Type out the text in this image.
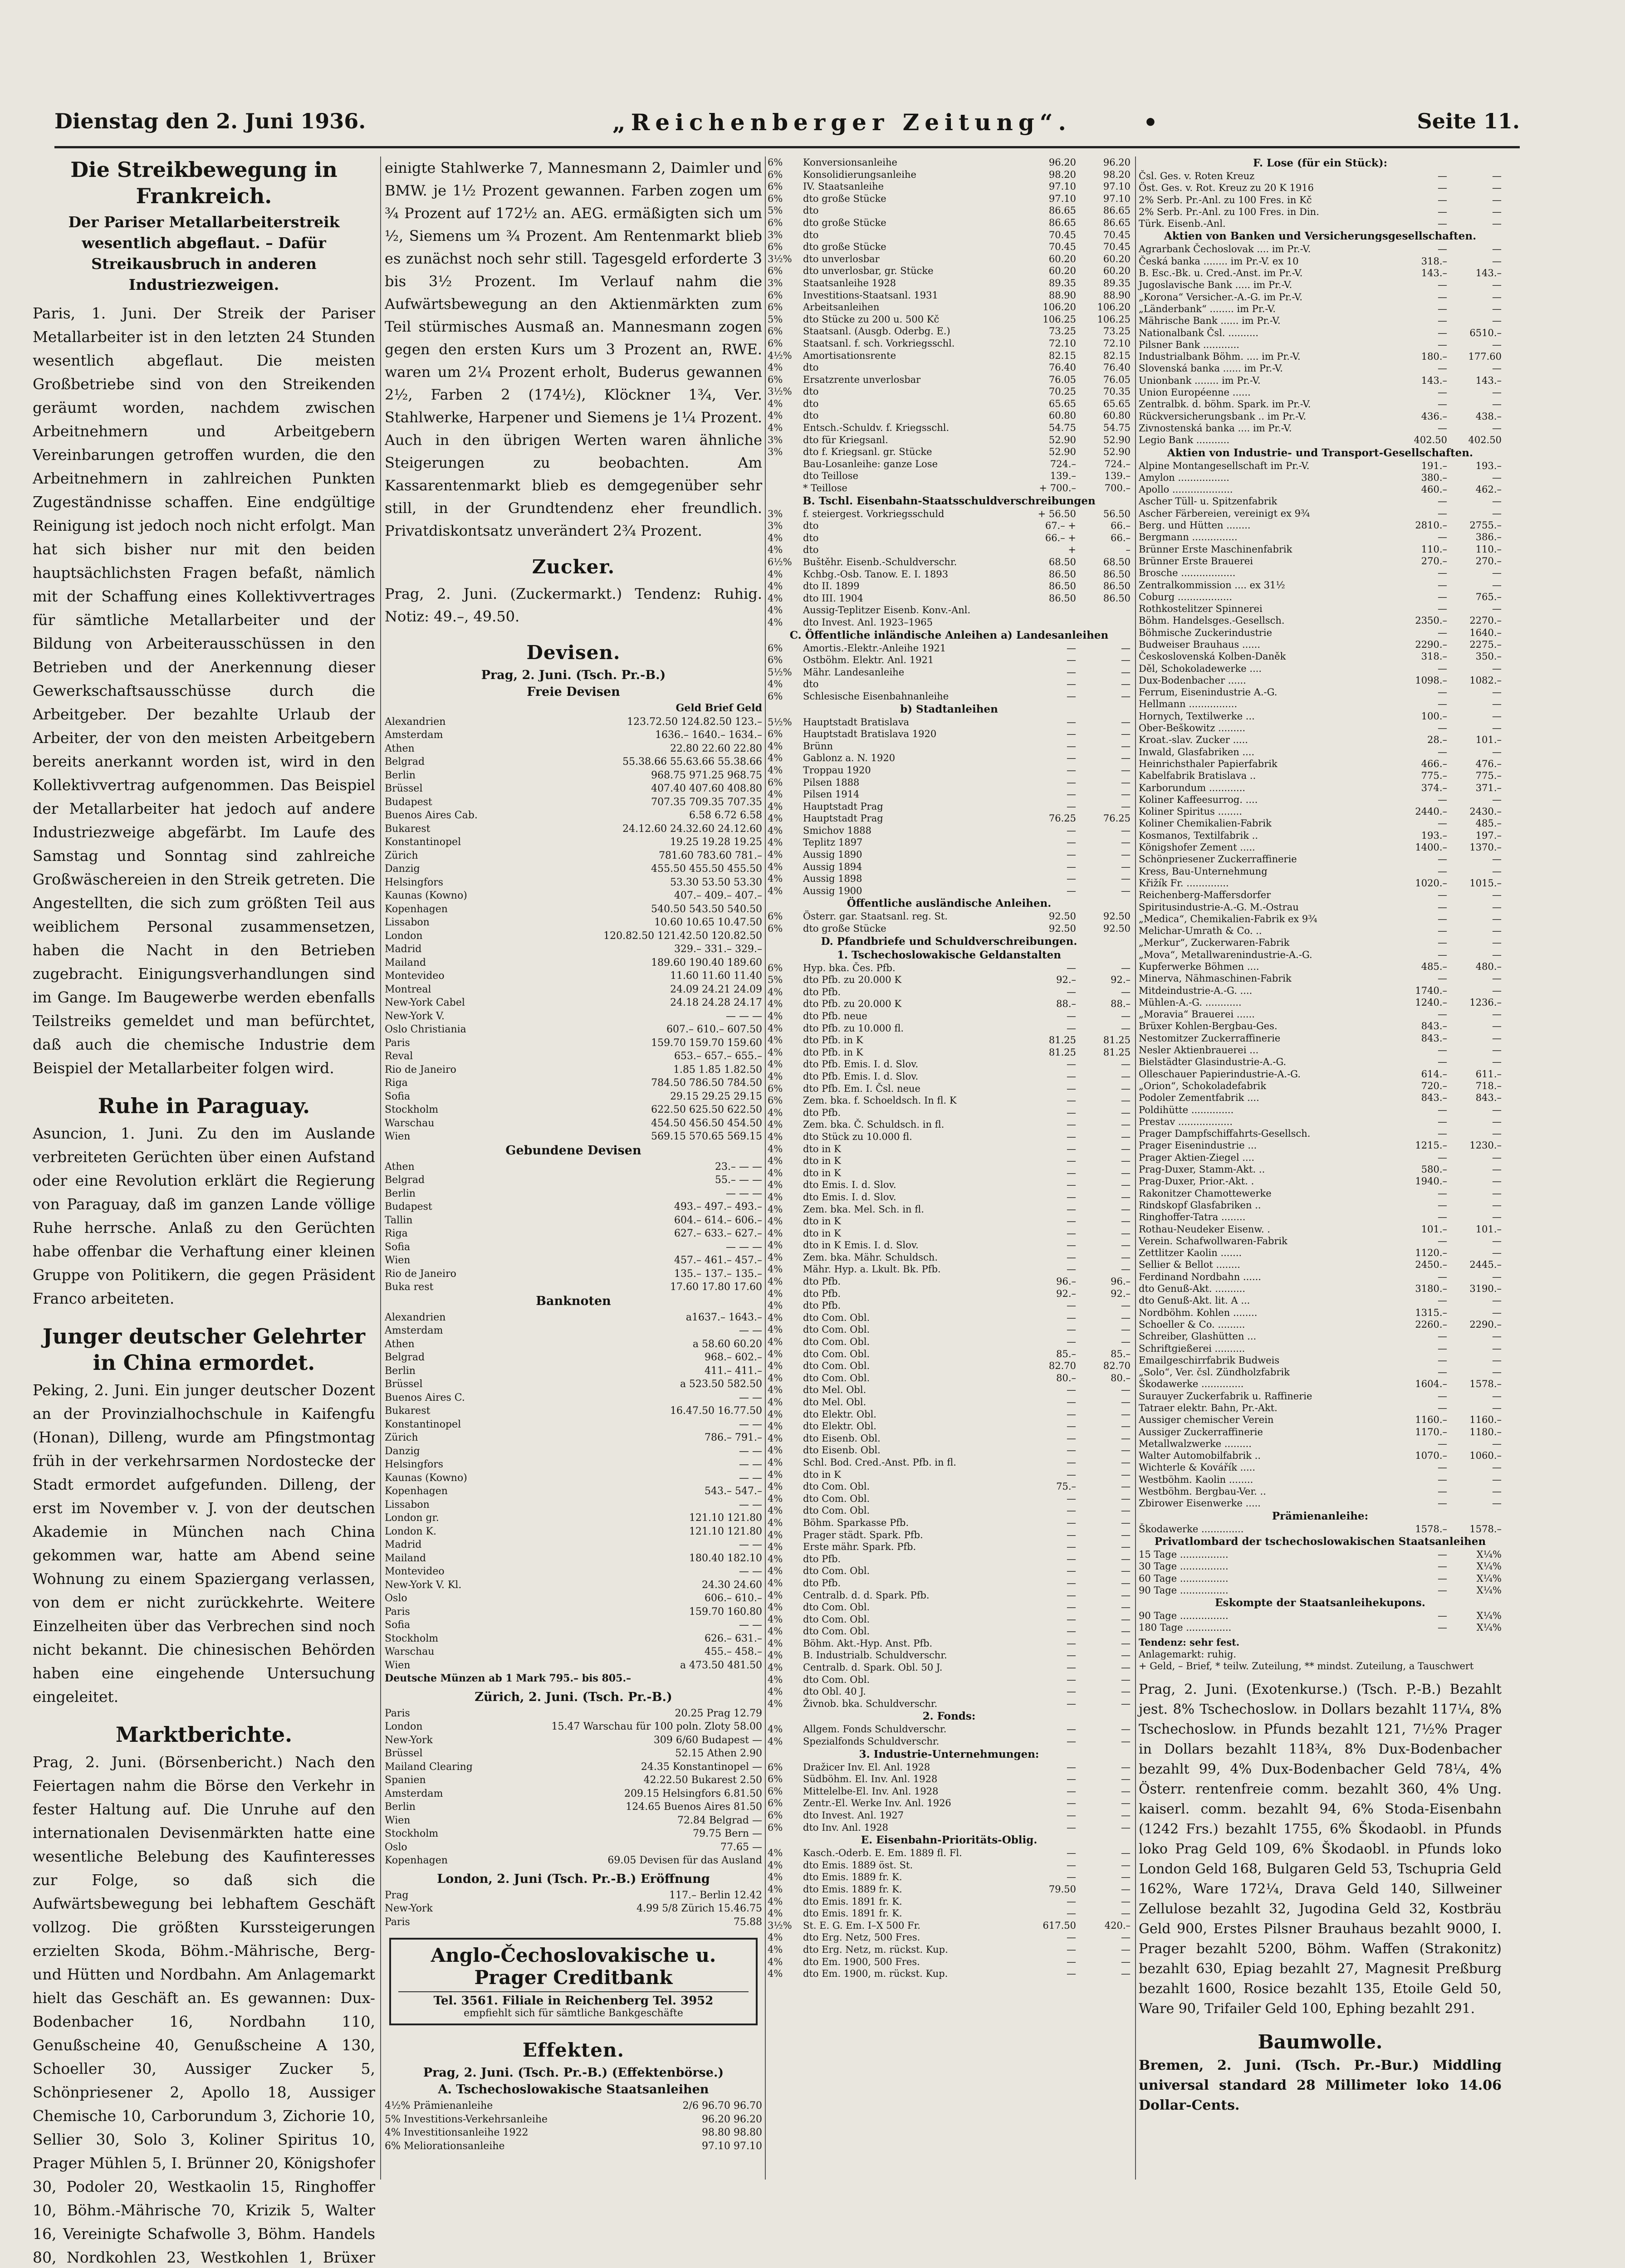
Dienstag den 2. Juni 1936.	„Reichenberger Zeitung“.	•	Seite 11.
Die Streikbewegung in Frankreich.
Der Pariser Metallarbeiterstreik wesentlich abgeflaut. – Dafür Streikausbruch in anderen Industriezweigen.

Paris, 1. Juni. Der Streik der Pariser Metallarbeiter ist in den letzten 24 Stunden wesentlich abgeflaut. Die meisten Großbetriebe sind von den Streikenden geräumt worden, nachdem zwischen Arbeitnehmern und Arbeitgebern Vereinbarungen getroffen wurden, die den Arbeitnehmern in zahlreichen Punkten Zugeständnisse schaffen. Eine endgültige Reinigung ist jedoch noch nicht erfolgt. Man hat sich bisher nur mit den beiden hauptsächlichsten Fragen befaßt, nämlich mit der Schaffung eines Kollektivvertrages für sämtliche Metallarbeiter und der Bildung von Arbeiterausschüssen in den Betrieben und der Anerkennung dieser Gewerkschaftsausschüsse durch die Arbeitgeber. Der bezahlte Urlaub der Arbeiter, der von den meisten Arbeitgebern bereits anerkannt worden ist, wird in den Kollektivvertrag aufgenommen. Das Beispiel der Metallarbeiter hat jedoch auf andere Industriezweige abgefärbt. Im Laufe des Samstag und Sonntag sind zahlreiche Großwäschereien in den Streik getreten. Die Angestellten, die sich zum größten Teil aus weiblichem Personal zusammensetzen, haben die Nacht in den Betrieben zugebracht. Einigungsverhandlungen sind im Gange. Im Baugewerbe werden ebenfalls Teilstreiks gemeldet und man befürchtet, daß auch die chemische Industrie dem Beispiel der Metallarbeiter folgen wird.

Ruhe in Paraguay.

Asuncion, 1. Juni. Zu den im Auslande verbreiteten Gerüchten über einen Aufstand oder eine Revolution erklärt die Regierung von Paraguay, daß im ganzen Lande völlige Ruhe herrsche. Anlaß zu den Gerüchten habe offenbar die Verhaftung einer kleinen Gruppe von Politikern, die gegen Präsident Franco arbeiteten.

Junger deutscher Gelehrter in China ermordet.

Peking, 2. Juni. Ein junger deutscher Dozent an der Provinzialhochschule in Kaifengfu (Honan), Dilleng, wurde am Pfingstmontag früh in der verkehrsarmen Nordostecke der Stadt ermordet aufgefunden. Dilleng, der erst im November v. J. von der deutschen Akademie in München nach China gekommen war, hatte am Abend seine Wohnung zu einem Spaziergang verlassen, von dem er nicht zurückkehrte. Weitere Einzelheiten über das Verbrechen sind noch nicht bekannt. Die chinesischen Behörden haben eine eingehende Untersuchung eingeleitet.

Marktberichte.

Prag, 2. Juni. (Börsenbericht.) Nach den Feiertagen nahm die Börse den Verkehr in fester Haltung auf. Die Unruhe auf den internationalen Devisenmärkten hatte eine wesentliche Belebung des Kaufinteresses zur Folge, so daß sich die Aufwärtsbewegung bei lebhaftem Geschäft vollzog. Die größten Kurssteigerungen erzielten Skoda, Böhm.-Mährische, Berg- und Hütten und Nordbahn. Am Anlagemarkt hielt das Geschäft an. Es gewannen: Dux-Bodenbacher 16, Nordbahn 110, Genußscheine 40, Genußscheine A 130, Schoeller 30, Aussiger Zucker 5, Schönpriesener 2, Apollo 18, Aussiger Chemische 10, Carborundum 3, Zichorie 10, Sellier 30, Solo 3, Koliner Spiritus 10, Prager Mühlen 5, I. Brünner 20, Königshofer 30, Podoler 20, Westkaolin 15, Ringhoffer 10, Böhm.-Mährische 70, Krizik 5, Walter 16, Vereinigte Schafwolle 3, Böhm. Handels 80, Nordkohlen 23, Westkohlen 1, Brüxer

einigte Stahlwerke 7, Mannesmann 2, Daimler und BMW. je 1½ Prozent gewannen. Farben zogen um ¾ Prozent auf 172½ an. AEG. ermäßigten sich um ½, Siemens um ¾ Prozent. Am Rentenmarkt blieb es zunächst noch sehr still. Tagesgeld erforderte 3 bis 3½ Prozent. Im Verlauf nahm die Aufwärtsbewegung an den Aktienmärkten zum Teil stürmisches Ausmaß an. Mannesmann zogen gegen den ersten Kurs um 3 Prozent an, RWE. waren um 2¼ Prozent erholt, Buderus gewannen 2½, Farben 2 (174½), Klöckner 1¾, Ver. Stahlwerke, Harpener und Siemens je 1¼ Prozent. Auch in den übrigen Werten waren ähnliche Steigerungen zu beobachten. Am Kassarentenmarkt blieb es demgegenüber sehr still, in der Grundtendenz eher freundlich. Privatdiskontsatz unverändert 2¾ Prozent.

Zucker.

Prag, 2. Juni. (Zuckermarkt.) Tendenz: Ruhig. Notiz: 49.–, 49.50.

Devisen.
Prag, 2. Juni. (Tsch. Pr.-B.)
Freie Devisen
Geld Brief Geld
Alexandrien	123.72.50 124.82.50 123.–
Amsterdam	1636.– 1640.– 1634.–
Athen	22.80 22.60 22.80
Belgrad	55.38.66 55.63.66 55.38.66
Berlin	968.75 971.25 968.75
Brüssel	407.40 407.60 408.80
Budapest	707.35 709.35 707.35
Buenos Aires Cab.	6.58 6.72 6.58
Bukarest	24.12.60 24.32.60 24.12.60
Konstantinopel	19.25 19.28 19.25
Zürich	781.60 783.60 781.–
Danzig	455.50 455.50 455.50
Helsingfors	53.30 53.50 53.30
Kaunas (Kowno)	407.– 409.– 407.–
Kopenhagen	540.50 543.50 540.50
Lissabon	10.60 10.65 10.47.50
London	120.82.50 121.42.50 120.82.50
Madrid	329.– 331.– 329.–
Mailand	189.60 190.40 189.60
Montevideo	11.60 11.60 11.40
Montreal	24.09 24.21 24.09
New-York Cabel	24.18 24.28 24.17
New-York V.	— — —
Oslo Christiania	607.– 610.– 607.50
Paris	159.70 159.70 159.60
Reval	653.– 657.– 655.–
Rio de Janeiro	1.85 1.85 1.82.50
Riga	784.50 786.50 784.50
Sofia	29.15 29.25 29.15
Stockholm	622.50 625.50 622.50
Warschau	454.50 456.50 454.50
Wien	569.15 570.65 569.15
Gebundene Devisen
Athen	23.– — —
Belgrad	55.– — —
Berlin	— — —
Budapest	493.– 497.– 493.–
Tallin	604.– 614.– 606.–
Riga	627.– 633.– 627.–
Sofia	— — —
Wien	457.– 461.– 457.–
Rio de Janeiro	135.– 137.– 135.–
Buka rest	17.60 17.80 17.60
Banknoten
Alexandrien	a1637.– 1643.–
Amsterdam	— —
Athen	a 58.60 60.20
Belgrad	968.– 602.–
Berlin	411.– 411.–
Brüssel	a 523.50 582.50
Buenos Aires C.	— —
Bukarest	16.47.50 16.77.50
Konstantinopel	— —
Zürich	786.– 791.–
Danzig	— —
Helsingfors	— —
Kaunas (Kowno)	— —
Kopenhagen	543.– 547.–
Lissabon	— —
London gr.	121.10 121.80
London K.	121.10 121.80
Madrid	— —
Mailand	180.40 182.10
Montevideo	— —
New-York V. Kl.	24.30 24.60
Oslo	606.– 610.–
Paris	159.70 160.80
Sofia	— —
Stockholm	626.– 631.–
Warschau	455.– 458.–
Wien	a 473.50 481.50
Deutsche Münzen ab 1 Mark 795.– bis 805.–
Zürich, 2. Juni. (Tsch. Pr.-B.)
Paris	20.25 Prag 12.79
London	15.47 Warschau für 100 poln. Zloty 58.00
New-York	309 6/60 Budapest —
Brüssel	52.15 Athen 2.90
Mailand Clearing	24.35 Konstantinopel —
Spanien	42.22.50 Bukarest 2.50
Amsterdam	209.15 Helsingfors 6.81.50
Berlin	124.65 Buenos Aires 81.50
Wien	72.84 Belgrad —
Stockholm	79.75 Bern —
Oslo	77.65 —
Kopenhagen	69.05 Devisen für das Ausland
London, 2. Juni (Tsch. Pr.-B.) Eröffnung
Prag	117.– Berlin 12.42
New-York	4.99 5/8 Zürich 15.46.75
Paris	75.88
Anglo-Čechoslovakische u. Prager Creditbank
Tel. 3561. Filiale in Reichenberg Tel. 3952
empfiehlt sich für sämtliche Bankgeschäfte
Effekten.
Prag, 2. Juni. (Tsch. Pr.-B.) (Effektenbörse.)
A. Tschechoslowakische Staatsanleihen
4½% Prämienanleihe	2/6 96.70 96.70
5% Investitions-Verkehrsanleihe	96.20 96.20
4% Investitionsanleihe 1922	98.80 98.80
6% Meliorationsanleihe	97.10 97.10
6%	Konversionsanleihe	96.20	96.20
6%	Konsolidierungsanleihe	98.20	98.20
6%	IV. Staatsanleihe	97.10	97.10
6%	dto große Stücke	97.10	97.10
5%	dto	86.65	86.65
6%	dto große Stücke	86.65	86.65
3%	dto	70.45	70.45
6%	dto große Stücke	70.45	70.45
3½%	dto unverlosbar	60.20	60.20
6%	dto unverlosbar, gr. Stücke	60.20	60.20
3%	Staatsanleihe 1928	89.35	89.35
6%	Investitions-Staatsanl. 1931	88.90	88.90
6%	Arbeitsanleihen	106.20	106.20
5%	dto Stücke zu 200 u. 500 Kč	106.25	106.25
6%	Staatsanl. (Ausgb. Oderbg. E.)	73.25	73.25
6%	Staatsanl. f. sch. Vorkriegsschl.	72.10	72.10
4½%	Amortisationsrente	82.15	82.15
4%	dto	76.40	76.40
6%	Ersatzrente unverlosbar	76.05	76.05
3½%	dto	70.25	70.35
4%	dto	65.65	65.65
4%	dto	60.80	60.80
4%	Entsch.-Schuldv. f. Kriegsschl.	54.75	54.75
3%	dto für Kriegsanl.	52.90	52.90
3%	dto f. Kriegsanl. gr. Stücke	52.90	52.90
Bau-Losanleihe: ganze Lose	724.–	724.–
dto Teillose	139.–	139.–
* Teillose	+ 700.–	700.–
B. Tschl. Eisenbahn-Staatsschuldverschreibungen
3%	f. steiergest. Vorkriegsschuld	+ 56.50	56.50
3%	dto	67.– +	66.–
4%	dto	66.– +	66.–
4%	dto	+	–
6½%	Buštěhr. Eisenb.-Schuldverschr.	68.50	68.50
4%	Kchbg.-Osb. Tanow. E. I. 1893	86.50	86.50
4%	dto II. 1899	86.50	86.50
4%	dto III. 1904	86.50	86.50
4%	Aussig-Teplitzer Eisenb. Konv.-Anl.
4%	dto Invest. Anl. 1923–1965
C. Öffentliche inländische Anleihen a) Landesanleihen
6%	Amortis.-Elektr.-Anleihe 1921	—	—
6%	Ostböhm. Elektr. Anl. 1921	—	—
5½%	Mähr. Landesanleihe	—	—
4%	dto	—	—
6%	Schlesische Eisenbahnanleihe	—	—
b) Stadtanleihen
5½%	Hauptstadt Bratislava	—	—
6%	Hauptstadt Bratislava 1920	—	—
4%	Brünn	—	—
4%	Gablonz a. N. 1920	—	—
4%	Troppau 1920	—	—
6%	Pilsen 1888	—	—
4%	Pilsen 1914	—	—
4%	Hauptstadt Prag	—	—
4%	Hauptstadt Prag	76.25	76.25
4%	Smichov 1888	—	—
4%	Teplitz 1897	—	—
4%	Aussig 1890	—	—
4%	Aussig 1894	—	—
4%	Aussig 1898	—	—
4%	Aussig 1900	—	—
Öffentliche ausländische Anleihen.
6%	Österr. gar. Staatsanl. reg. St.	92.50	92.50
6%	dto große Stücke	92.50	92.50
D. Pfandbriefe und Schuldverschreibungen.
1. Tschechoslowakische Geldanstalten
6%	Hyp. bka. Čes. Pfb.	—	—
5%	dto Pfb. zu 20.000 K	92.–	92.–
4%	dto Pfb.	—	—
4%	dto Pfb. zu 20.000 K	88.–	88.–
4%	dto Pfb. neue	—	—
4%	dto Pfb. zu 10.000 fl.	—	—
4%	dto Pfb. in K	81.25	81.25
4%	dto Pfb. in K	81.25	81.25
4%	dto Pfb. Emis. I. d. Slov.	—	—
4%	dto Pfb. Emis. I. d. Slov.	—	—
6%	dto Pfb. Em. I. Čsl. neue	—	—
6%	Zem. bka. f. Schoeldsch. In fl. K	—	—
4%	dto Pfb.	—	—
4%	Zem. bka. Č. Schuldsch. in fl.	—	—
4%	dto Stück zu 10.000 fl.	—	—
4%	dto in K	—	—
4%	dto in K	—	—
4%	dto in K	—	—
4%	dto Emis. I. d. Slov.	—	—
4%	dto Emis. I. d. Slov.	—	—
4%	Zem. bka. Mel. Sch. in fl.	—	—
4%	dto in K	—	—
4%	dto in K	—	—
4%	dto in K Emis. I. d. Slov.	—	—
4%	Zem. bka. Mähr. Schuldsch.	—	—
4%	Mähr. Hyp. a. Lkult. Bk. Pfb.	—	—
4%	dto Pfb.	96.–	96.–
4%	dto Pfb.	92.–	92.–
4%	dto Pfb.	—	—
4%	dto Com. Obl.	—	—
4%	dto Com. Obl.	—	—
4%	dto Com. Obl.	—	—
4%	dto Com. Obl.	85.–	85.–
4%	dto Com. Obl.	82.70	82.70
4%	dto Com. Obl.	80.–	80.–
4%	dto Mel. Obl.	—	—
4%	dto Mel. Obl.	—	—
4%	dto Elektr. Obl.	—	—
4%	dto Elektr. Obl.	—	—
4%	dto Eisenb. Obl.	—	—
4%	dto Eisenb. Obl.	—	—
4%	Schl. Bod. Cred.-Anst. Pfb. in fl.	—	—
4%	dto in K	—	—
4%	dto Com. Obl.	75.–	—
4%	dto Com. Obl.	—	—
4%	dto Com. Obl.	—	—
4%	Böhm. Sparkasse Pfb.	—	—
4%	Prager städt. Spark. Pfb.	—	—
4%	Erste mähr. Spark. Pfb.	—	—
4%	dto Pfb.	—	—
4%	dto Com. Obl.	—	—
4%	dto Pfb.	—	—
4%	Centralb. d. d. Spark. Pfb.	—	—
4%	dto Com. Obl.	—	—
4%	dto Com. Obl.	—	—
4%	dto Com. Obl.	—	—
4%	Böhm. Akt.-Hyp. Anst. Pfb.	—	—
4%	B. Industrialb. Schuldverschr.	—	—
4%	Centralb. d. Spark. Obl. 50 J.	—	—
4%	dto Com. Obl.	—	—
4%	dto Obl. 40 J.	—	—
4%	Živnob. bka. Schuldverschr.	—	—
2. Fonds:
4%	Allgem. Fonds Schuldverschr.	—	—
4%	Spezialfonds Schuldverschr.	—	—
3. Industrie-Unternehmungen:
6%	Dražicer Inv. El. Anl. 1928	—	—
6%	Südböhm. El. Inv. Anl. 1928	—	—
6%	Mittelelbe-El. Inv. Anl. 1928	—	—
6%	Zentr.-El. Werke Inv. Anl. 1926	—	—
6%	dto Invest. Anl. 1927	—	—
6%	dto Inv. Anl. 1928	—	—
E. Eisenbahn-Prioritäts-Oblig.
4%	Kasch.-Oderb. E. Em. 1889 fl. Fl.	—	—
4%	dto Emis. 1889 öst. St.	—	—
4%	dto Emis. 1889 fr. K.	—	—
4%	dto Emis. 1889 fr. K.	79.50	—
4%	dto Emis. 1891 fr. K.	—	—
4%	dto Emis. 1891 fr. K.	—	—
3½%	St. E. G. Em. I–X 500 Fr.	617.50	420.–
4%	dto Erg. Netz, 500 Fres.	—	—
4%	dto Erg. Netz, m. rückst. Kup.	—	—
4%	dto Em. 1900, 500 Fres.	—	—
4%	dto Em. 1900, m. rückst. Kup.	—	—
F. Lose (für ein Stück):
Čsl. Ges. v. Roten Kreuz	—	—
Öst. Ges. v. Rot. Kreuz zu 20 K 1916	—	—
2% Serb. Pr.-Anl. zu 100 Fres. in Kč	—	—
2% Serb. Pr.-Anl. zu 100 Fres. in Din.	—	—
Türk. Eisenb.-Anl.	—	—
Aktien von Banken und Versicherungsgesellschaften.
Agrarbank Čechoslovak .... im Pr.-V.	—	—
Česká banka ........ im Pr.-V. ex 10	318.–	—
B. Esc.-Bk. u. Cred.-Anst. im Pr.-V.	143.–	143.–
Jugoslavische Bank ..... im Pr.-V.	—	—
„Korona“ Versicher.-A.-G. im Pr.-V.	—	—
„Länderbank“ ........ im Pr.-V.	—	—
Mährische Bank ...... im Pr.-V.	—	—
Nationalbank Čsl. ..........	—	6510.–
Pilsner Bank ............	—	—
Industrialbank Böhm. .... im Pr.-V.	180.–	177.60
Slovenská banka ...... im Pr.-V.	—	—
Unionbank ........ im Pr.-V.	143.–	143.–
Union Européenne ......	—	—
Zentralbk. d. böhm. Spark. im Pr.-V.	—	—
Rückversicherungsbank .. im Pr.-V.	436.–	438.–
Zivnostenská banka .... im Pr.-V.	—	—
Legio Bank ...........	402.50	402.50
Aktien von Industrie- und Transport-Gesellschaften.
Alpine Montangesellschaft im Pr.-V.	191.–	193.–
Amylon .................	380.–	—
Apollo ....................	460.–	462.–
Ascher Tüll- u. Spitzenfabrik	—	—
Ascher Färbereien, vereinigt ex 9¾	—	—
Berg. und Hütten ........	2810.–	2755.–
Bergmann ...............	—	386.–
Brünner Erste Maschinenfabrik	110.–	110.–
Brünner Erste Brauerei	270.–	270.–
Brosche ..................	—	—
Zentralkommission .... ex 31½	—	—
Coburg ..................	—	765.–
Rothkostelitzer Spinnerei	—	—
Böhm. Handelsges.-Gesellsch.	2350.–	2270.–
Böhmische Zuckerindustrie	—	1640.–
Budweiser Brauhaus ......	2290.–	2275.–
Československá Kolben-Daněk	318.–	350.–
Děl, Schokoladewerke ....	—	—
Dux-Bodenbacher ......	1098.–	1082.–
Ferrum, Eisenindustrie A.-G.	—	—
Hellmann ................	—	—
Hornych, Textilwerke ...	100.–	—
Ober-Beškowitz .........	—	—
Kroat.-slav. Zucker .....	28.–	101.–
Inwald, Glasfabriken ....	—	—
Heinrichsthaler Papierfabrik	466.–	476.–
Kabelfabrik Bratislava ..	775.–	775.–
Karborundum ............	374.–	371.–
Koliner Kaffeesurrog. ....	—	—
Koliner Spiritus ........	2440.–	2430.–
Koliner Chemikalien-Fabrik	—	485.–
Kosmanos, Textilfabrik ..	193.–	197.–
Königshofer Zement .....	1400.–	1370.–
Schönpriesener Zuckerraffinerie	—	—
Kress, Bau-Unternehmung	—	—
Křižík Fr. ..............	1020.–	1015.–
Reichenberg-Maffersdorfer	—	—
Spiritusindustrie-A.-G. M.-Ostrau	—	—
„Medica“, Chemikalien-Fabrik ex 9¾	—	—
Melichar-Umrath & Co. ..	—	—
„Merkur“, Zuckerwaren-Fabrik	—	—
„Mova“, Metallwarenindustrie-A.-G.	—	—
Kupferwerke Böhmen ....	485.–	480.–
Minerva, Nähmaschinen-Fabrik	—	—
Mitdeindustrie-A.-G. ....	1740.–	—
Mühlen-A.-G. ............	1240.–	1236.–
„Moravia“ Brauerei ......	—	—
Brüxer Kohlen-Bergbau-Ges.	843.–	—
Nestomitzer Zuckerraffinerie	843.–	—
Nesler Aktienbrauerei ...	—	—
Bielstädter Glasindustrie-A.-G.	—	—
Olleschauer Papierindustrie-A.-G.	614.–	611.–
„Orion“, Schokoladefabrik	720.–	718.–
Podoler Zementfabrik ....	843.–	843.–
Poldihütte ..............	—	—
Prestav ..................	—	—
Prager Dampfschiffahrts-Gesellsch.	—	—
Prager Eisenindustrie ...	1215.–	1230.–
Prager Aktien-Ziegel ....	—	—
Prag-Duxer, Stamm-Akt. ..	580.–	—
Prag-Duxer, Prior.-Akt. .	1940.–	—
Rakonitzer Chamottewerke	—	—
Rindskopf Glasfabriken ..	—	—
Ringhoffer-Tatra ........	—	—
Rothau-Neudeker Eisenw. .	101.–	101.–
Verein. Schafwollwaren-Fabrik	—	—
Zettlitzer Kaolin .......	1120.–	—
Sellier & Bellot ........	2450.–	2445.–
Ferdinand Nordbahn ......	—	—
dto Genuß-Akt. ..........	3180.–	3190.–
dto Genuß-Akt. lit. A ...	—	—
Nordböhm. Kohlen ........	1315.–	—
Schoeller & Co. .........	2260.–	2290.–
Schreiber, Glashütten ...	—	—
Schriftgießerei ..........	—	—
Emailgeschirrfabrik Budweis	—	—
„Solo“, Ver. čsl. Zündholzfabrik	—	—
Škodawerke ..............	1604.–	1578.–
Surauyer Zuckerfabrik u. Raffinerie	—	—
Tatraer elektr. Bahn, Pr.-Akt.	—	—
Aussiger chemischer Verein	1160.–	1160.–
Aussiger Zuckerraffinerie	1170.–	1180.–
Metallwalzwerke .........	—	—
Walter Automobilfabrik ..	1070.–	1060.–
Wichterle & Kovářík .....	—	—
Westböhm. Kaolin ........	—	—
Westböhm. Bergbau-Ver. ..	—	—
Zbirower Eisenwerke .....	—	—
Prämienanleihe:
Škodawerke ..............	1578.–	1578.–
Privatlombard der tschechoslowakischen Staatsanleihen
15 Tage ................	—	X¼%
30 Tage ................	—	X¼%
60 Tage ................	—	X¼%
90 Tage ................	—	X¼%
Eskompte der Staatsanleihekupons.
90 Tage ................	—	X¼%
180 Tage ...............	—	X¼%
Tendenz: sehr fest.
Anlagemarkt: ruhig.
+ Geld, – Brief, * teilw. Zuteilung, ** mindst. Zuteilung, a Tauschwert

Prag, 2. Juni. (Exotenkurse.) (Tsch. P.-B.) Bezahlt jest. 8% Tschechoslow. in Dollars bezahlt 117¼, 8% Tschechoslow. in Pfunds bezahlt 121, 7½% Prager in Dollars bezahlt 118¾, 8% Dux-Bodenbacher bezahlt 99, 4% Dux-Bodenbacher Geld 78¼, 4% Österr. rentenfreie comm. bezahlt 360, 4% Ung. kaiserl. comm. bezahlt 94, 6% Stoda-Eisenbahn (1242 Frs.) bezahlt 1755, 6% Škodaobl. in Pfunds loko Prag Geld 109, 6% Škodaobl. in Pfunds loko London Geld 168, Bulgaren Geld 53, Tschupria Geld 162%, Ware 172¼, Drava Geld 140, Sillweiner Zellulose bezahlt 32, Jugodina Geld 32, Kostbräu Geld 900, Erstes Pilsner Brauhaus bezahlt 9000, I. Prager bezahlt 5200, Böhm. Waffen (Strakonitz) bezahlt 630, Epiag bezahlt 27, Magnesit Preßburg bezahlt 1600, Rosice bezahlt 135, Etoile Geld 50, Ware 90, Trifailer Geld 100, Ephing bezahlt 291.

Baumwolle.

Bremen, 2. Juni. (Tsch. Pr.-Bur.) Middling universal standard 28 Millimeter loko 14.06 Dollar-Cents.
